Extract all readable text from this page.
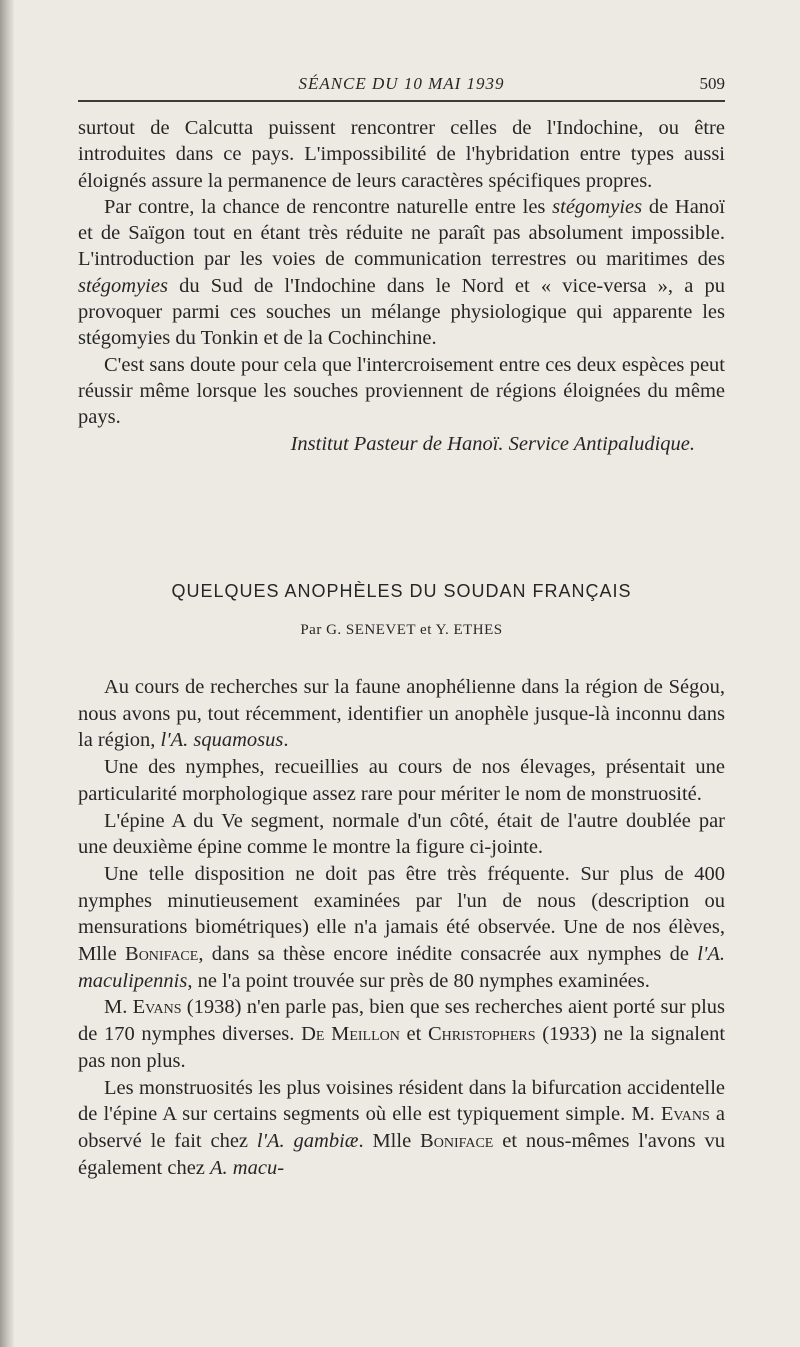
SÉANCE DU 10 MAI 1939	509

surtout de Calcutta puissent rencontrer celles de l'Indochine, ou être introduites dans ce pays. L'impossibilité de l'hybridation entre types aussi éloignés assure la permanence de leurs caractères spécifiques propres.

Par contre, la chance de rencontre naturelle entre les stégomyies de Hanoï et de Saïgon tout en étant très réduite ne paraît pas absolument impossible. L'introduction par les voies de communication terrestres ou maritimes des stégomyies du Sud de l'Indochine dans le Nord et « vice-versa », a pu provoquer parmi ces souches un mélange physiologique qui apparente les stégomyies du Tonkin et de la Cochinchine.

C'est sans doute pour cela que l'intercroisement entre ces deux espèces peut réussir même lorsque les souches proviennent de régions éloignées du même pays.

Institut Pasteur de Hanoï. Service Antipaludique.

QUELQUES ANOPHÈLES DU SOUDAN FRANÇAIS
Par G. SENEVET et Y. ETHES

Au cours de recherches sur la faune anophélienne dans la région de Ségou, nous avons pu, tout récemment, identifier un anophèle jusque-là inconnu dans la région, l'A. squamosus.

Une des nymphes, recueillies au cours de nos élevages, présentait une particularité morphologique assez rare pour mériter le nom de monstruosité.

L'épine A du Ve segment, normale d'un côté, était de l'autre doublée par une deuxième épine comme le montre la figure ci-jointe.

Une telle disposition ne doit pas être très fréquente. Sur plus de 400 nymphes minutieusement examinées par l'un de nous (description ou mensurations biométriques) elle n'a jamais été observée. Une de nos élèves, Mlle Boniface, dans sa thèse encore inédite consacrée aux nymphes de l'A. maculipennis, ne l'a point trouvée sur près de 80 nymphes examinées.

M. Evans (1938) n'en parle pas, bien que ses recherches aient porté sur plus de 170 nymphes diverses. De Meillon et Christophers (1933) ne la signalent pas non plus.

Les monstruosités les plus voisines résident dans la bifurcation accidentelle de l'épine A sur certains segments où elle est typiquement simple. M. Evans a observé le fait chez l'A. gambiæ. Mlle Boniface et nous-mêmes l'avons vu également chez A. macu-
